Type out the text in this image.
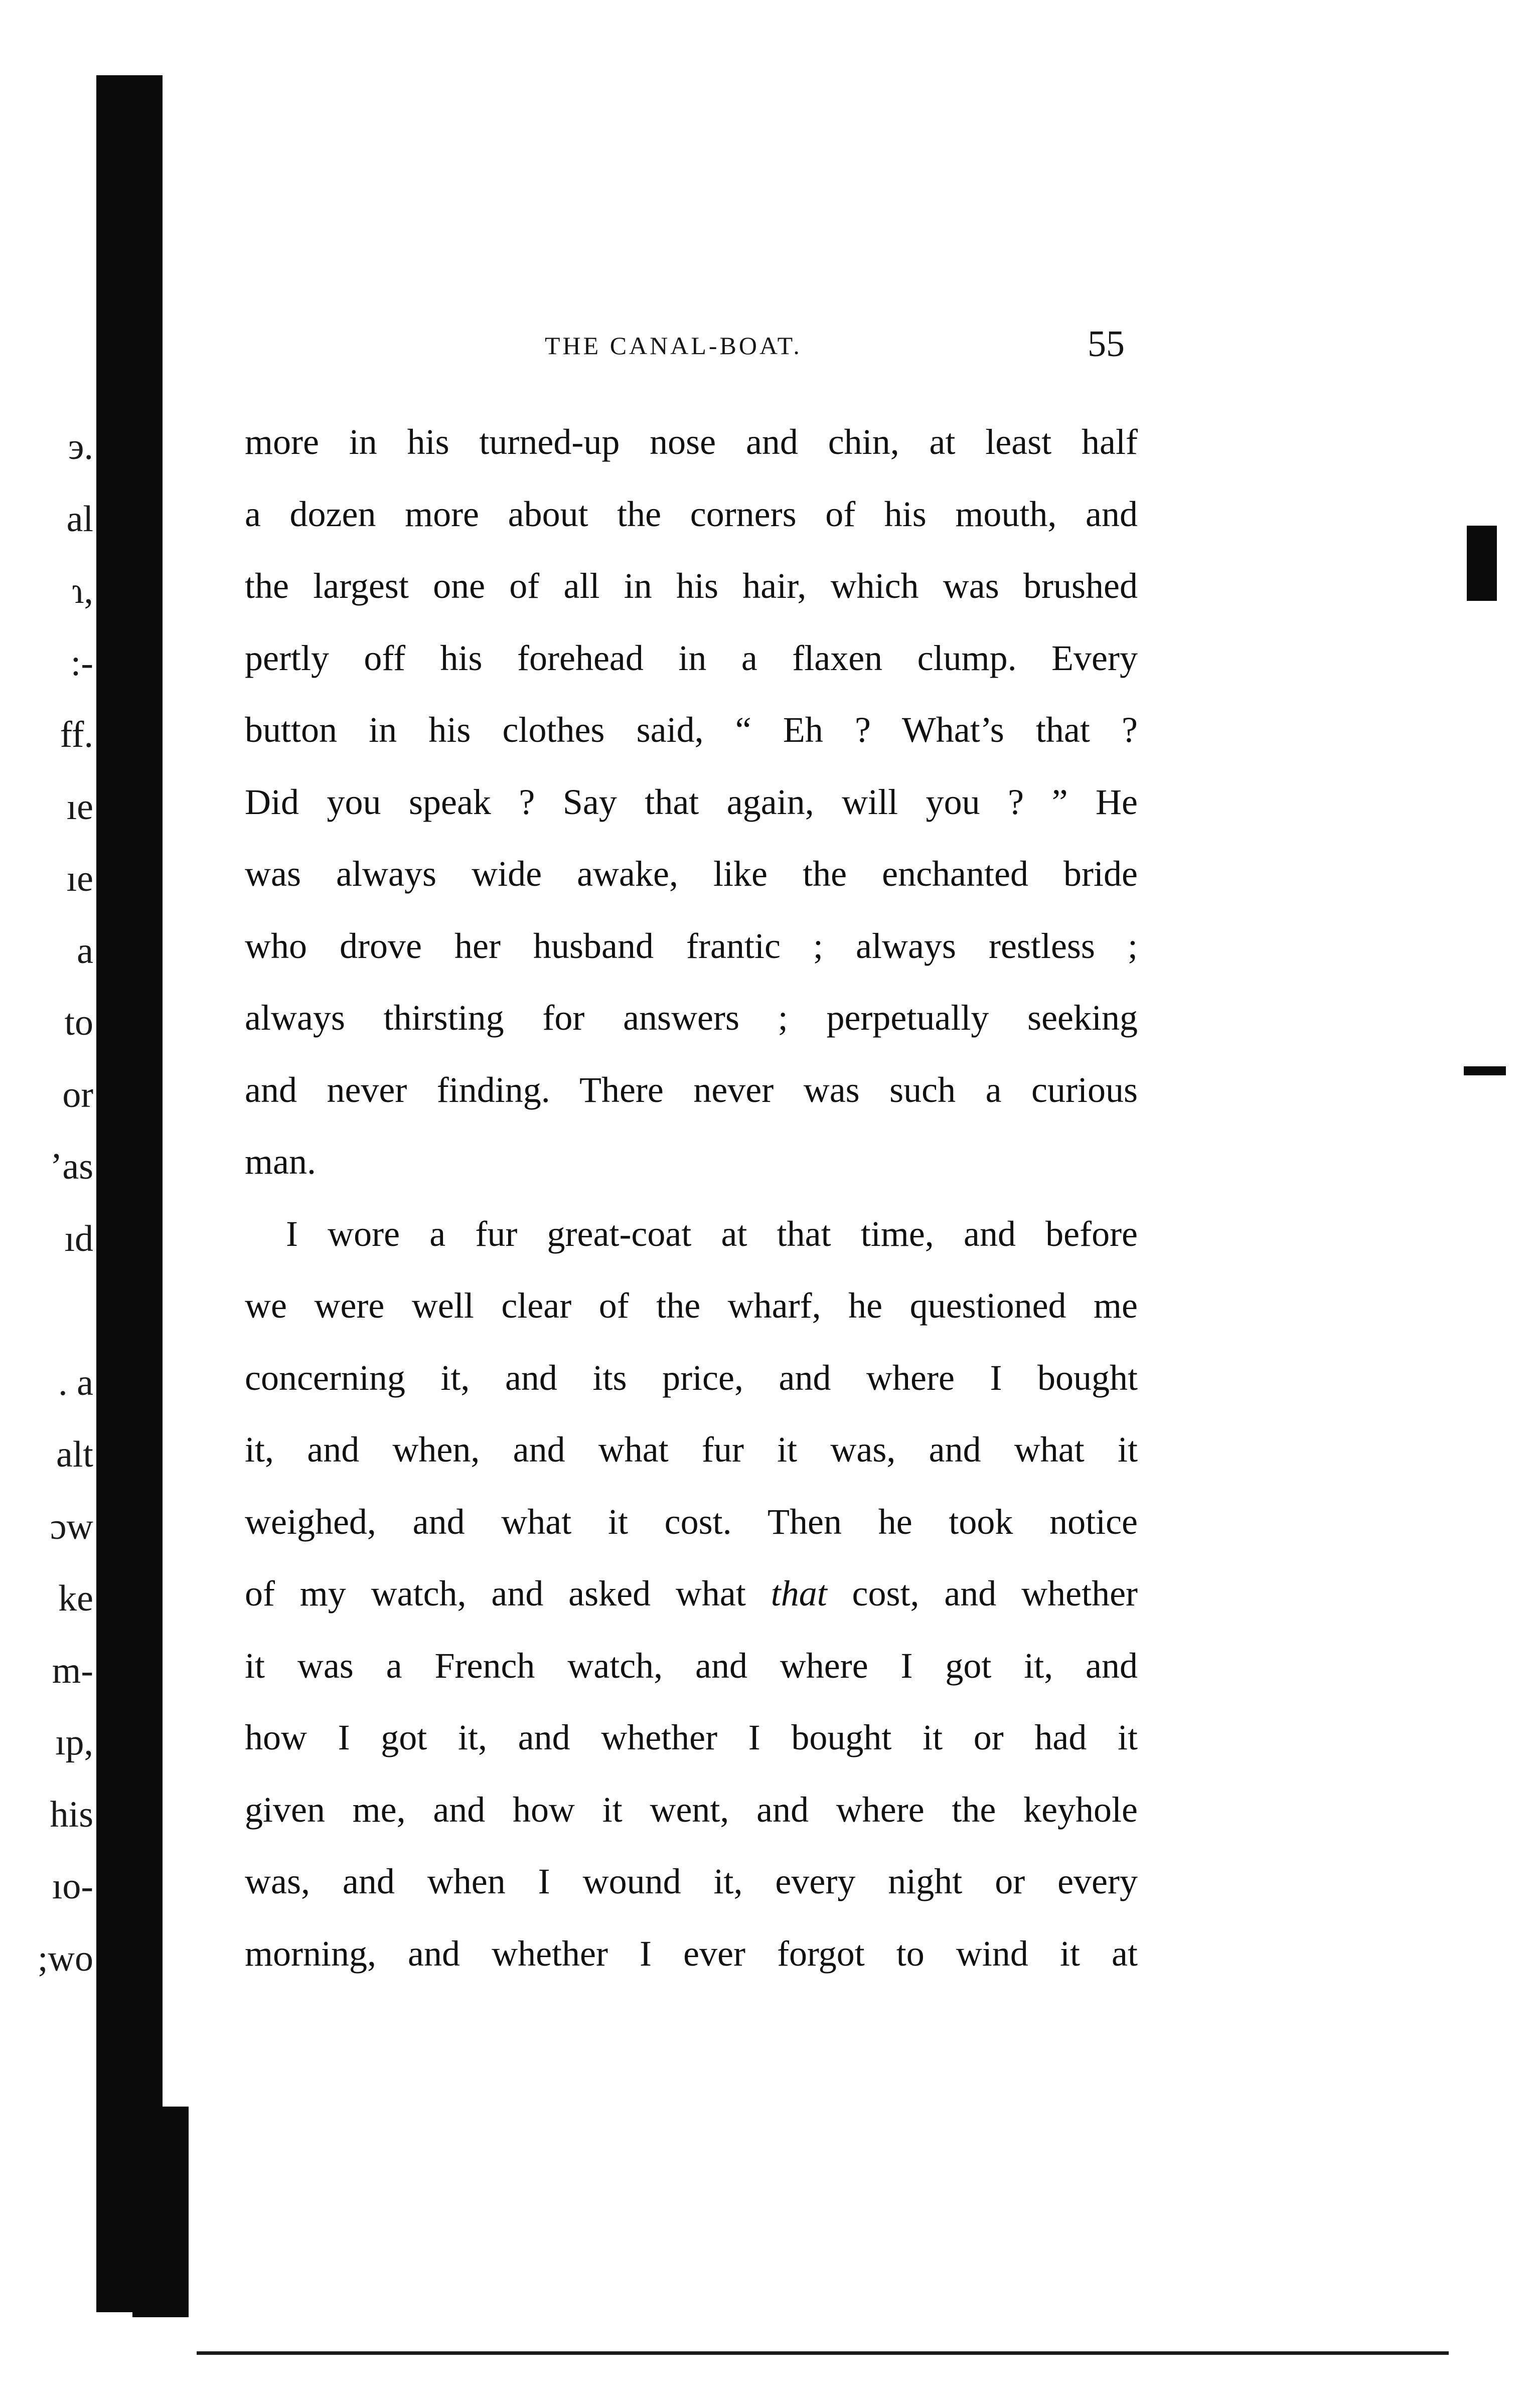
э.
al
ɿ,
:-
ff.
ıe
ıe
a
to
or
’as
ıd
. a
alt
ɔw
ke
m-
ıp,
his
ıo-
;wo
THE CANAL-BOAT.	55
more in his turned-up nose and chin, at least half
a dozen more about the corners of his mouth, and
the largest one of all in his hair, which was brushed
pertly off his forehead in a flaxen clump. Every
button in his clothes said, “ Eh ? What’s that ?
Did you speak ? Say that again, will you ? ” He
was always wide awake, like the enchanted bride
who drove her husband frantic ; always restless ;
always thirsting for answers ; perpetually seeking
and never finding. There never was such a curious
man.
I wore a fur great-coat at that time, and before
we were well clear of the wharf, he questioned me
concerning it, and its price, and where I bought
it, and when, and what fur it was, and what it
weighed, and what it cost. Then he took notice
of my watch, and asked what that cost, and whether
it was a French watch, and where I got it, and
how I got it, and whether I bought it or had it
given me, and how it went, and where the keyhole
was, and when I wound it, every night or every
morning, and whether I ever forgot to wind it at
